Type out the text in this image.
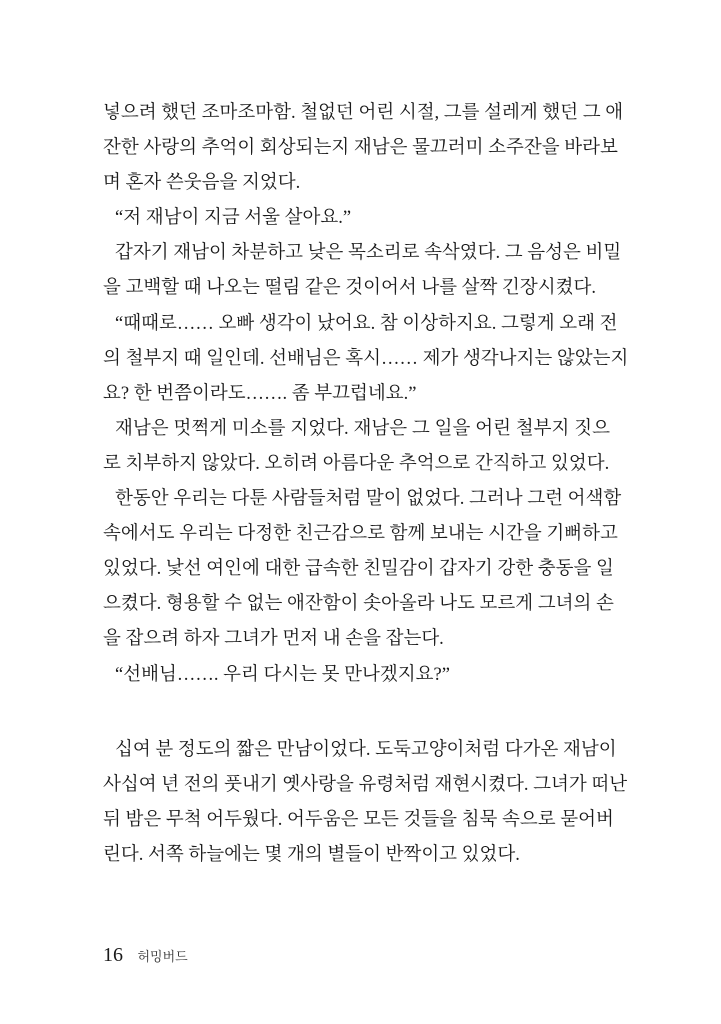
넣으려 했던 조마조마함. 철없던 어린 시절, 그를 설레게 했던 그 애
잔한 사랑의 추억이 회상되는지 재남은 물끄러미 소주잔을 바라보
며 혼자 쓴웃음을 지었다.
“저 재남이 지금 서울 살아요.”
갑자기 재남이 차분하고 낮은 목소리로 속삭였다. 그 음성은 비밀
을 고백할 때 나오는 떨림 같은 것이어서 나를 살짝 긴장시켰다.
“때때로…… 오빠 생각이 났어요. 참 이상하지요. 그렇게 오래 전
의 철부지 때 일인데. 선배님은 혹시…… 제가 생각나지는 않았는지
요? 한 번쯤이라도……. 좀 부끄럽네요.”
재남은 멋쩍게 미소를 지었다. 재남은 그 일을 어린 철부지 짓으
로 치부하지 않았다. 오히려 아름다운 추억으로 간직하고 있었다.
한동안 우리는 다툰 사람들처럼 말이 없었다. 그러나 그런 어색함
속에서도 우리는 다정한 친근감으로 함께 보내는 시간을 기뻐하고
있었다. 낯선 여인에 대한 급속한 친밀감이 갑자기 강한 충동을 일
으켰다. 형용할 수 없는 애잔함이 솟아올라 나도 모르게 그녀의 손
을 잡으려 하자 그녀가 먼저 내 손을 잡는다.
“선배님……. 우리 다시는 못 만나겠지요?”
십여 분 정도의 짧은 만남이었다. 도둑고양이처럼 다가온 재남이
사십여 년 전의 풋내기 옛사랑을 유령처럼 재현시켰다. 그녀가 떠난
뒤 밤은 무척 어두웠다. 어두움은 모든 것들을 침묵 속으로 묻어버
린다. 서쪽 하늘에는 몇 개의 별들이 반짝이고 있었다.
16 허밍버드
